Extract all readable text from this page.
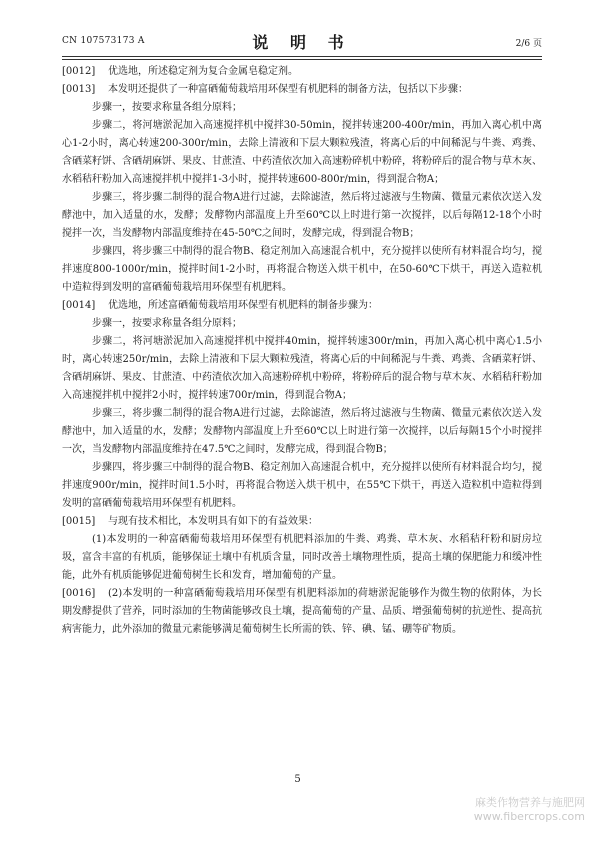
CN 107573173 A	说 明 书	2/6 页

[0012] 优选地，所述稳定剂为复合金属皂稳定剂。

[0013] 本发明还提供了一种富硒葡萄栽培用环保型有机肥料的制备方法，包括以下步骤：

步骤一，按要求称量各组分原料；

步骤二，将河塘淤泥加入高速搅拌机中搅拌30-50min，搅拌转速200-400r/min，再加入离心机中离心1-2小时，离心转速200-300r/min，去除上清液和下层大颗粒残渣，将离心后的中间稀泥与牛粪、鸡粪、含硒菜籽饼、含硒胡麻饼、果皮、甘蔗渣、中药渣依次加入高速粉碎机中粉碎，将粉碎后的混合物与草木灰、水稻秸秆粉加入高速搅拌机中搅拌1-3小时，搅拌转速600-800r/min，得到混合物A；

步骤三，将步骤二制得的混合物A进行过滤，去除滤渣，然后将过滤液与生物菌、微量元素依次送入发酵池中，加入适量的水，发酵；发酵物内部温度上升至60℃以上时进行第一次搅拌，以后每隔12-18个小时搅拌一次，当发酵物内部温度维持在45-50℃之间时，发酵完成，得到混合物B；

步骤四，将步骤三中制得的混合物B、稳定剂加入高速混合机中，充分搅拌以使所有材料混合均匀，搅拌速度800-1000r/min，搅拌时间1-2小时，再将混合物送入烘干机中，在50-60℃下烘干，再送入造粒机中造粒得到发明的富硒葡萄栽培用环保型有机肥料。

[0014] 优选地，所述富硒葡萄栽培用环保型有机肥料的制备步骤为：

步骤一，按要求称量各组分原料；

步骤二，将河塘淤泥加入高速搅拌机中搅拌40min，搅拌转速300r/min，再加入离心机中离心1.5小时，离心转速250r/min，去除上清液和下层大颗粒残渣，将离心后的中间稀泥与牛粪、鸡粪、含硒菜籽饼、含硒胡麻饼、果皮、甘蔗渣、中药渣依次加入高速粉碎机中粉碎，将粉碎后的混合物与草木灰、水稻秸秆粉加入高速搅拌机中搅拌2小时，搅拌转速700r/min，得到混合物A；

步骤三，将步骤二制得的混合物A进行过滤，去除滤渣，然后将过滤液与生物菌、微量元素依次送入发酵池中，加入适量的水，发酵；发酵物内部温度上升至60℃以上时进行第一次搅拌，以后每隔15个小时搅拌一次，当发酵物内部温度维持在47.5℃之间时，发酵完成，得到混合物B；

步骤四，将步骤三中制得的混合物B、稳定剂加入高速混合机中，充分搅拌以使所有材料混合均匀，搅拌速度900r/min，搅拌时间1.5小时，再将混合物送入烘干机中，在55℃下烘干，再送入造粒机中造粒得到发明的富硒葡萄栽培用环保型有机肥料。

[0015] 与现有技术相比，本发明具有如下的有益效果：

(1)本发明的一种富硒葡萄栽培用环保型有机肥料添加的牛粪、鸡粪、草木灰、水稻秸秆粉和厨房垃圾，富含丰富的有机质，能够保证土壤中有机质含量，同时改善土壤物理性质，提高土壤的保肥能力和缓冲性能，此外有机质能够促进葡萄树生长和发育，增加葡萄的产量。

[0016] (2)本发明的一种富硒葡萄栽培用环保型有机肥料添加的荷塘淤泥能够作为微生物的依附体，为长期发酵提供了营养，同时添加的生物菌能够改良土壤，提高葡萄的产量、品质、增强葡萄树的抗逆性、提高抗病害能力，此外添加的微量元素能够满足葡萄树生长所需的铁、锌、碘、锰、硼等矿物质。

5
麻类作物营养与施肥网
www.fibercrops.com
